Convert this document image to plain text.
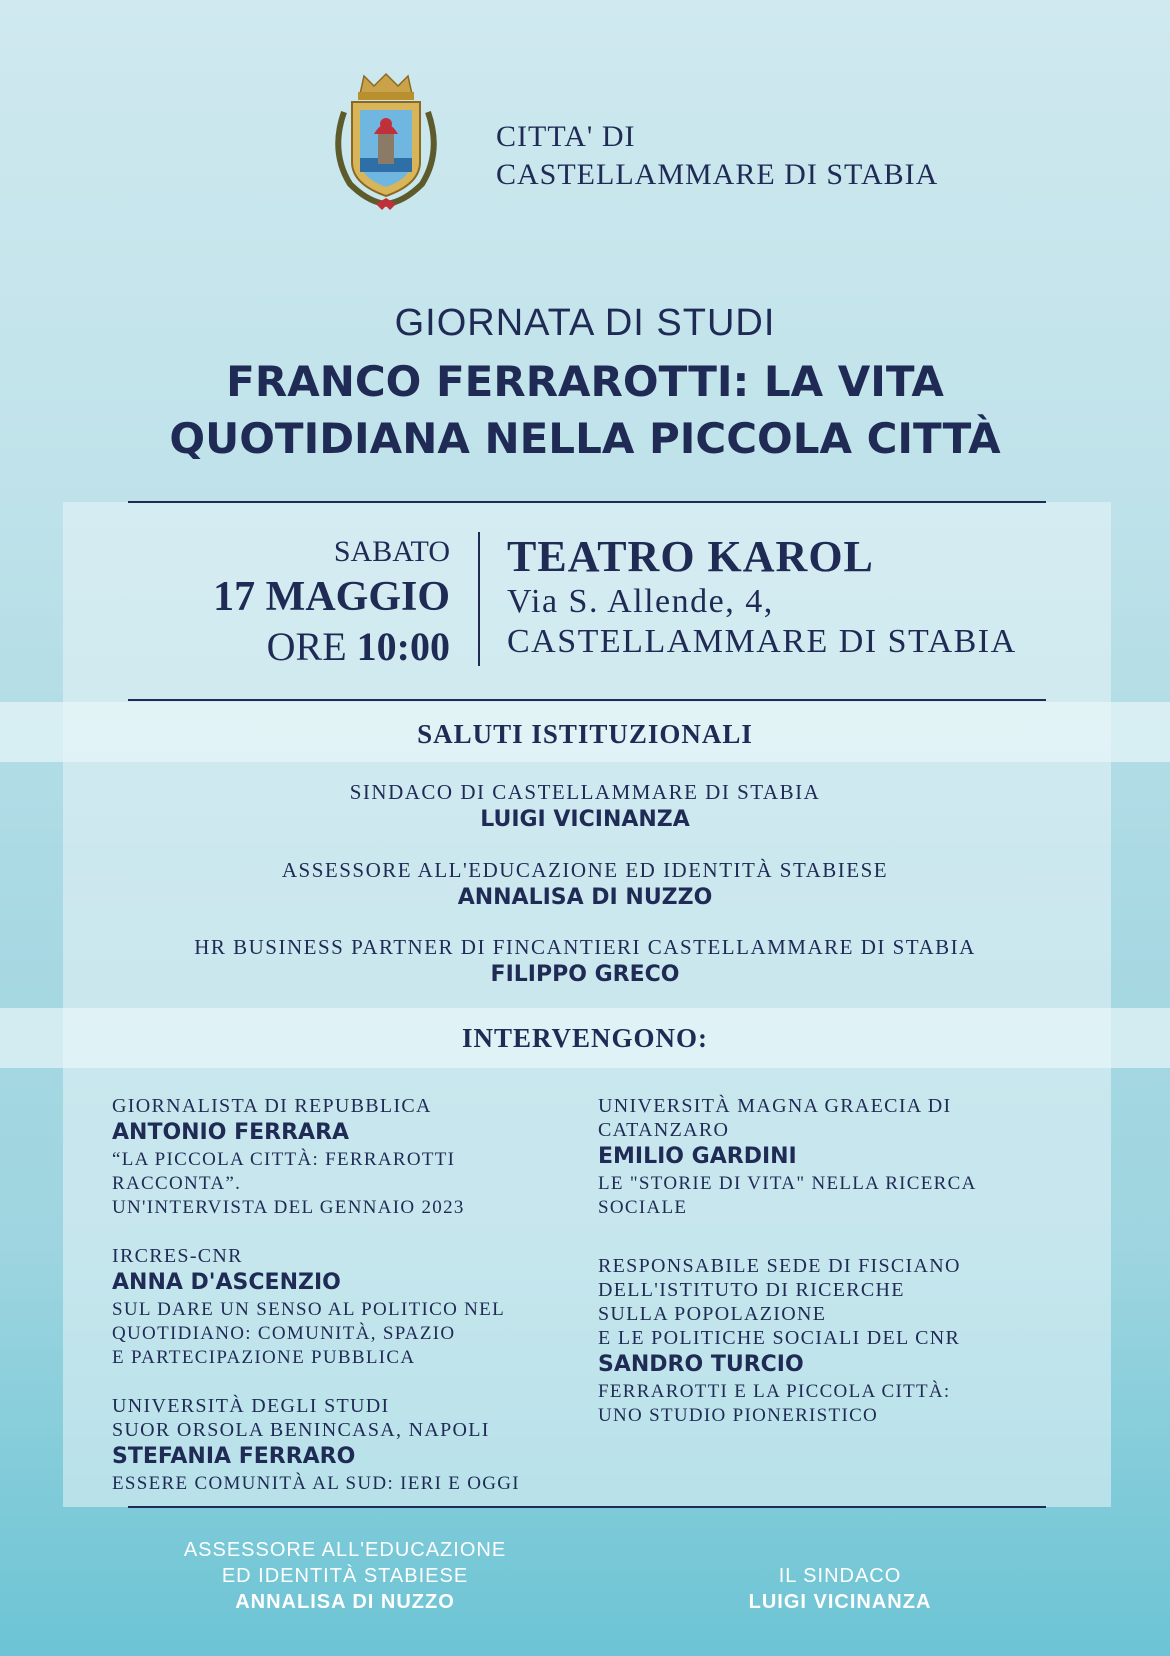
CITTA' DI
CASTELLAMMARE DI STABIA
GIORNATA DI STUDI
FRANCO FERRAROTTI: LA VITA
QUOTIDIANA NELLA PICCOLA CITTÀ
SABATO
17 MAGGIO
ORE 10:00
TEATRO KAROL
Via S. Allende, 4,
CASTELLAMMARE DI STABIA
SALUTI ISTITUZIONALI
SINDACO DI CASTELLAMMARE DI STABIA
LUIGI VICINANZA
ASSESSORE ALL'EDUCAZIONE ED IDENTITÀ STABIESE
ANNALISA DI NUZZO
HR BUSINESS PARTNER DI FINCANTIERI CASTELLAMMARE DI STABIA
FILIPPO GRECO
INTERVENGONO:
GIORNALISTA DI REPUBBLICA
ANTONIO FERRARA
“LA PICCOLA CITTÀ: FERRAROTTI RACCONTA”.
UN'INTERVISTA DEL GENNAIO 2023
IRCRES-CNR
ANNA D'ASCENZIO
SUL DARE UN SENSO AL POLITICO NEL
QUOTIDIANO: COMUNITÀ, SPAZIO
E PARTECIPAZIONE PUBBLICA
UNIVERSITÀ DEGLI STUDI
SUOR ORSOLA BENINCASA, NAPOLI
STEFANIA FERRARO
ESSERE COMUNITÀ AL SUD: IERI E OGGI
UNIVERSITÀ MAGNA GRAECIA DI CATANZARO
EMILIO GARDINI
LE "STORIE DI VITA" NELLA RICERCA SOCIALE
RESPONSABILE SEDE DI FISCIANO
DELL'ISTITUTO DI RICERCHE
SULLA POPOLAZIONE
E LE POLITICHE SOCIALI DEL CNR
SANDRO TURCIO
FERRAROTTI E LA PICCOLA CITTÀ:
UNO STUDIO PIONERISTICO
ASSESSORE ALL'EDUCAZIONE
ED IDENTITÀ STABIESE
ANNALISA DI NUZZO
IL SINDACO
LUIGI VICINANZA
